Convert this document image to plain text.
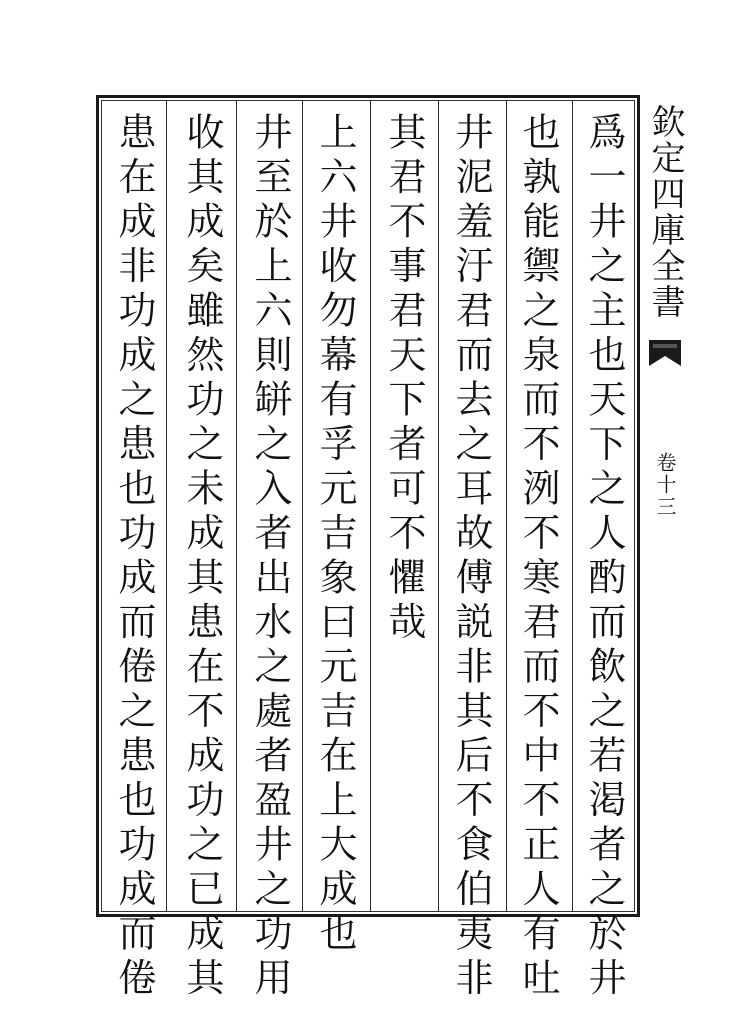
爲一井之主也天下之人酌而飲之若渇者之於井
也孰能禦之泉而不洌不寒君而不中不正人有吐
井泥羞汙君而去之耳故傅説非其后不食伯夷非
其君不事君天下者可不懼哉
上六井收勿幕有孚元吉象曰元吉在上大成也
井至於上六則缾之入者出水之處者盈井之功用
收其成矣雖然功之未成其患在不成功之已成其
患在成非功成之患也功成而倦之患也功成而倦	欽定四庫全書
卷十三
